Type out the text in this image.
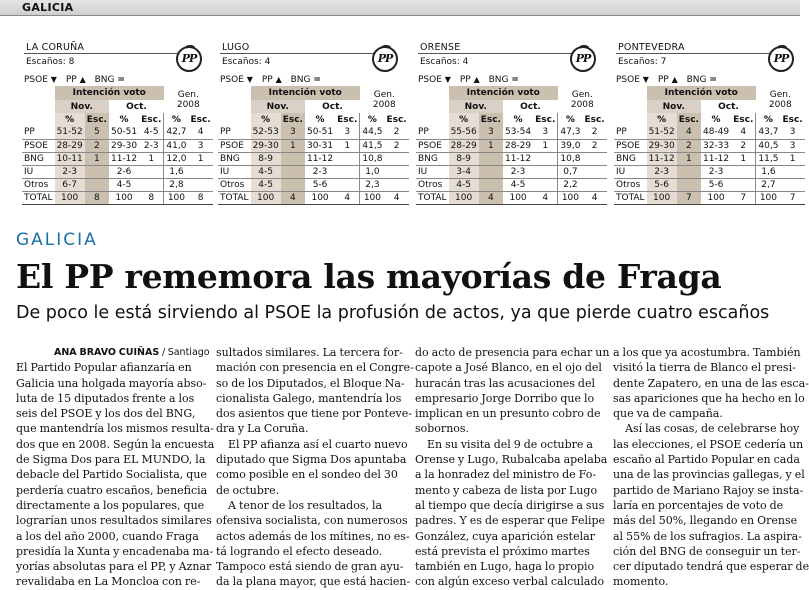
GALICIA
LA CORUÑA
Escaños: 8	PP
PSOE ▼ PP ▲ BNG =
	Intención voto				Gen.
2008	
	Nov.		Oct.			
	%	Esc.	%	Esc.	%	Esc.
PP	51-52	5	50-51	4-5	42,7	4
PSOE	28-29	2	29-30	2-3	41,0	3
BNG	10-11	1	11-12	1	12,0	1
IU	2-3		2-6		1,6	
Otros	6-7		4-5		2,8	
TOTAL	100	8	100	8	100	8
LUGO
Escaños: 4	PP
PSOE ▼ PP ▲ BNG =
	Intención voto				Gen.
2008	
	Nov.		Oct.			
	%	Esc.	%	Esc.	%	Esc.
PP	52-53	3	50-51	3	44,5	2
PSOE	29-30	1	30-31	1	41,5	2
BNG	8-9		11-12		10,8	
IU	4-5		2-3		1,0	
Otros	4-5		5-6		2,3	
TOTAL	100	4	100	4	100	4
ORENSE
Escaños: 4	PP
PSOE ▼ PP ▲ BNG =
	Intención voto				Gen.
2008	
	Nov.		Oct.			
	%	Esc.	%	Esc.	%	Esc.
PP	55-56	3	53-54	3	47,3	2
PSOE	28-29	1	28-29	1	39,0	2
BNG	8-9		11-12		10,8	
IU	3-4		2-3		0,7	
Otros	4-5		4-5		2,2	
TOTAL	100	4	100	4	100	4
PONTEVEDRA
Escaños: 7	PP
PSOE ▼ PP ▲ BNG =
	Intención voto				Gen.
2008	
	Nov.		Oct.			
	%	Esc.	%	Esc.	%	Esc.
PP	51-52	4	48-49	4	43,7	3
PSOE	29-30	2	32-33	2	40,5	3
BNG	11-12	1	11-12	1	11,5	1
IU	2-3		2-3		1,6	
Otros	5-6		5-6		2,7	
TOTAL	100	7	100	7	100	7
GALICIA
El PP rememora las mayorías de Fraga
De poco le está sirviendo al PSOE la profusión de actos, ya que pierde cuatro escaños
ANA BRAVO CUIÑAS / Santiago
El Partido Popular afianzaría en
Galicia una holgada mayoría abso-
luta de 15 diputados frente a los
seis del PSOE y los dos del BNG,
que mantendría los mismos resulta-
dos que en 2008. Según la encuesta
de Sigma Dos para EL MUNDO, la
debacle del Partido Socialista, que
perdería cuatro escaños, beneficia
directamente a los populares, que
lograrían unos resultados similares
a los del año 2000, cuando Fraga
presidía la Xunta y encadenaba ma-
yorías absolutas para el PP, y Aznar
revalidaba en La Moncloa con re-
sultados similares. La tercera for-
mación con presencia en el Congre-
so de los Diputados, el Bloque Na-
cionalista Galego, mantendría los
dos asientos que tiene por Ponteve-
dra y La Coruña.
El PP afianza así el cuarto nuevo
diputado que Sigma Dos apuntaba
como posible en el sondeo del 30
de octubre.
A tenor de los resultados, la
ofensiva socialista, con numerosos
actos además de los mítines, no es-
tá logrando el efecto deseado.
Tampoco está siendo de gran ayu-
da la plana mayor, que está hacien-
do acto de presencia para echar un
capote a José Blanco, en el ojo del
huracán tras las acusaciones del
empresario Jorge Dorribo que lo
implican en un presunto cobro de
sobornos.
En su visita del 9 de octubre a
Orense y Lugo, Rubalcaba apelaba
a la honradez del ministro de Fo-
mento y cabeza de lista por Lugo
al tiempo que decía dirigirse a sus
padres. Y es de esperar que Felipe
González, cuya aparición estelar
está prevista el próximo martes
también en Lugo, haga lo propio
con algún exceso verbal calculado
a los que ya acostumbra. También
visitó la tierra de Blanco el presi-
dente Zapatero, en una de las esca-
sas apariciones que ha hecho en lo
que va de campaña.
Así las cosas, de celebrarse hoy
las elecciones, el PSOE cedería un
escaño al Partido Popular en cada
una de las provincias gallegas, y el
partido de Mariano Rajoy se insta-
laría en porcentajes de voto de
más del 50%, llegando en Orense
al 55% de los sufragios. La aspira-
ción del BNG de conseguir un ter-
cer diputado tendrá que esperar de
momento.
